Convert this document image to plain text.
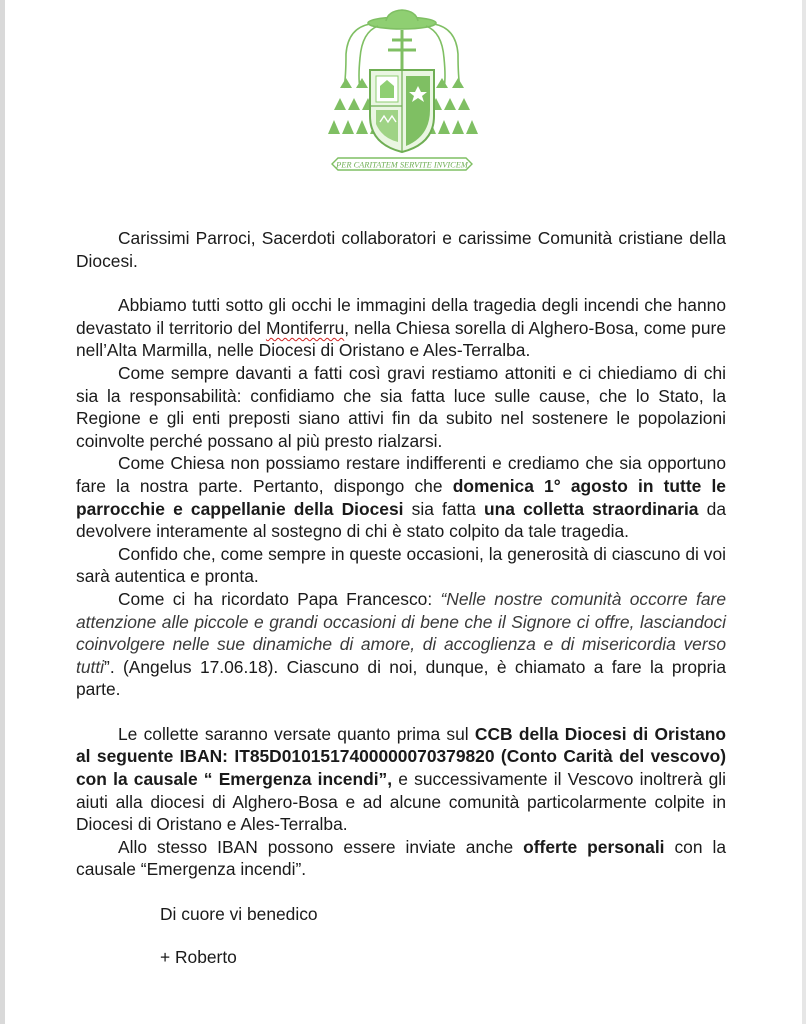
PER CARITATEM SERVITE INVICEM

Carissimi Parroci, Sacerdoti collaboratori e carissime Comunità cristiane della Diocesi.

Abbiamo tutti sotto gli occhi le immagini della tragedia degli incendi che hanno devastato il territorio del Montiferru, nella Chiesa sorella di Alghero-Bosa, come pure nell’Alta Marmilla, nelle Diocesi di Oristano e Ales-Terralba.

Come sempre davanti a fatti così gravi restiamo attoniti e ci chiediamo di chi sia la responsabilità: confidiamo che sia fatta luce sulle cause, che lo Stato, la Regione e gli enti preposti siano attivi fin da subito nel sostenere le popolazioni coinvolte perché possano al più presto rialzarsi.

Come Chiesa non possiamo restare indifferenti e crediamo che sia opportuno fare la nostra parte. Pertanto, dispongo che domenica 1° agosto in tutte le parrocchie e cappellanie della Diocesi sia fatta una colletta straordinaria da devolvere interamente al sostegno di chi è stato colpito da tale tragedia.

Confido che, come sempre in queste occasioni, la generosità di ciascuno di voi sarà autentica e pronta.

Come ci ha ricordato Papa Francesco: “Nelle nostre comunità occorre fare attenzione alle piccole e grandi occasioni di bene che il Signore ci offre, lasciandoci coinvolgere nelle sue dinamiche di amore, di accoglienza e di misericordia verso tutti”. (Angelus 17.06.18). Ciascuno di noi, dunque, è chiamato a fare la propria parte.

Le collette saranno versate quanto prima sul CCB della Diocesi di Oristano al seguente IBAN: IT85D0101517400000070379820 (Conto Carità del vescovo) con la causale “ Emergenza incendi”, e successivamente il Vescovo inoltrerà gli aiuti alla diocesi di Alghero-Bosa e ad alcune comunità particolarmente colpite in Diocesi di Oristano e Ales-Terralba.

Allo stesso IBAN possono essere inviate anche offerte personali con la causale “Emergenza incendi”.

Di cuore vi benedico

+ Roberto
